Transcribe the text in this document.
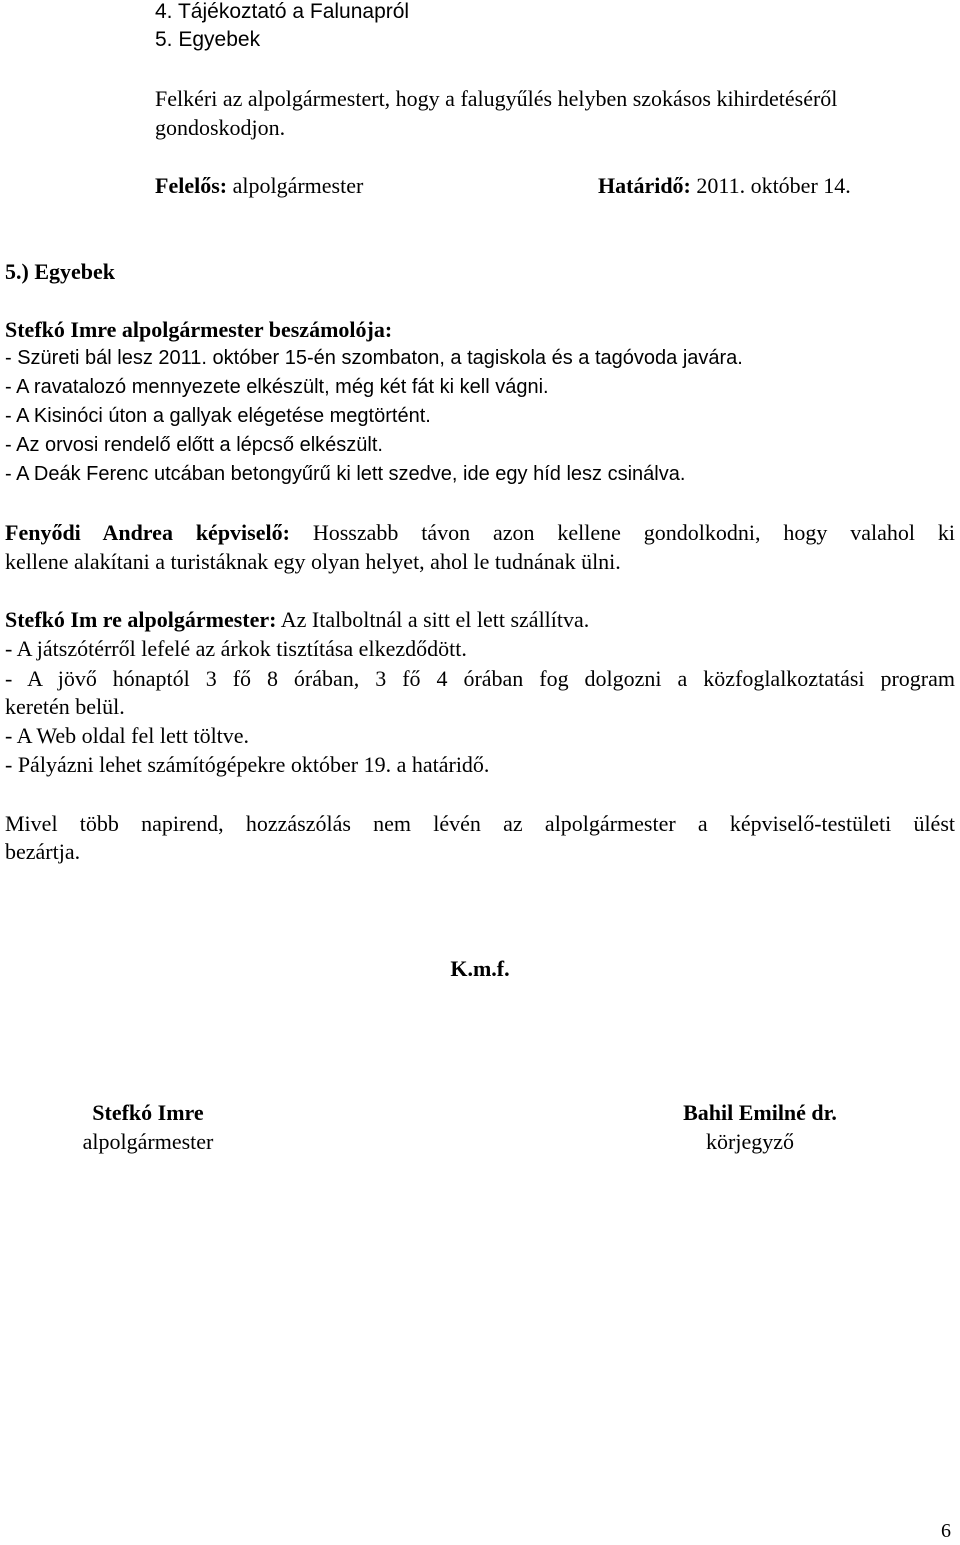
4. Tájékoztató a Falunapról
5. Egyebek
Felkéri az alpolgármestert, hogy a falugyűlés helyben szokásos kihirdetéséről
gondoskodjon.
Felelős: alpolgármester	Határidő: 2011. október 14.
5.) Egyebek
Stefkó Imre alpolgármester beszámolója:
- Szüreti bál lesz 2011. október 15-én szombaton, a tagiskola és a tagóvoda javára.
- A ravatalozó mennyezete elkészült, még két fát ki kell vágni.
- A Kisinóci úton a gallyak elégetése megtörtént.
- Az orvosi rendelő előtt a lépcső elkészült.
- A Deák Ferenc utcában betongyűrű ki lett szedve, ide egy híd lesz csinálva.
Fenyődi Andrea képviselő: Hosszabb távon azon kellene gondolkodni, hogy valahol ki
kellene alakítani a turistáknak egy olyan helyet, ahol le tudnának ülni.
Stefkó Im re alpolgármester: Az Italboltnál a sitt el lett szállítva.
- A játszótérről lefelé az árkok tisztítása elkezdődött.
- A jövő hónaptól 3 fő 8 órában, 3 fő 4 órában fog dolgozni a közfoglalkoztatási program
keretén belül.
- A Web oldal fel lett töltve.
- Pályázni lehet számítógépekre október 19. a határidő.
Mivel több napirend, hozzászólás nem lévén az alpolgármester a képviselő-testületi ülést
bezártja.
K.m.f.
Stefkó Imre
alpolgármester
Bahil Emilné dr.
körjegyző
6
